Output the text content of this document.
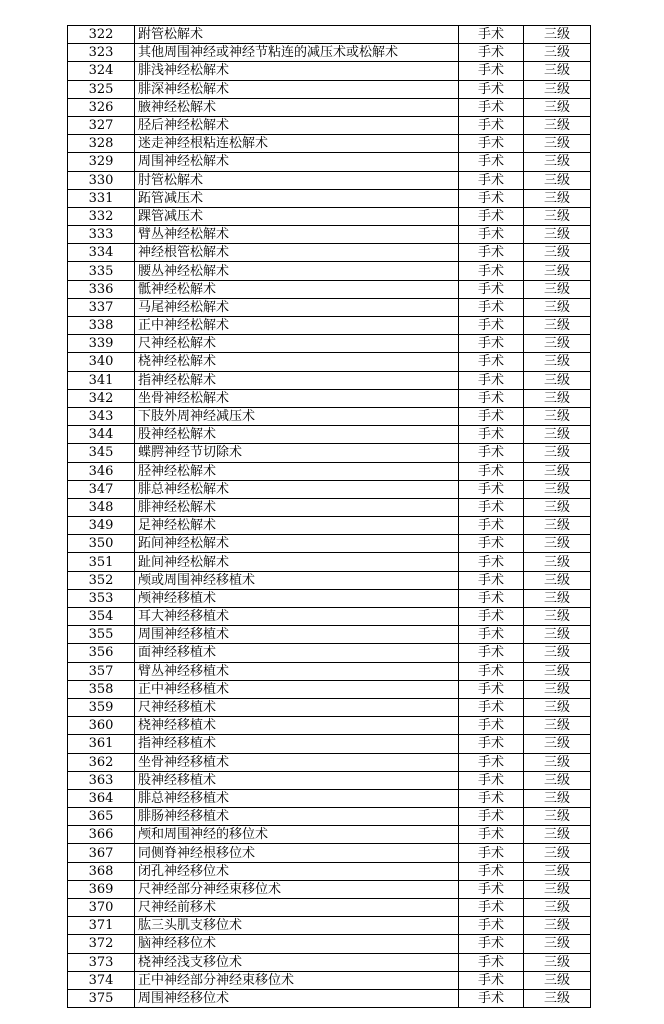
322	跗管松解术	手术	三级
323	其他周围神经或神经节粘连的减压术或松解术	手术	三级
324	腓浅神经松解术	手术	三级
325	腓深神经松解术	手术	三级
326	腋神经松解术	手术	三级
327	胫后神经松解术	手术	三级
328	迷走神经根粘连松解术	手术	三级
329	周围神经松解术	手术	三级
330	肘管松解术	手术	三级
331	跖管减压术	手术	三级
332	踝管减压术	手术	三级
333	臂丛神经松解术	手术	三级
334	神经根管松解术	手术	三级
335	腰丛神经松解术	手术	三级
336	骶神经松解术	手术	三级
337	马尾神经松解术	手术	三级
338	正中神经松解术	手术	三级
339	尺神经松解术	手术	三级
340	桡神经松解术	手术	三级
341	指神经松解术	手术	三级
342	坐骨神经松解术	手术	三级
343	下肢外周神经减压术	手术	三级
344	股神经松解术	手术	三级
345	蝶腭神经节切除术	手术	三级
346	胫神经松解术	手术	三级
347	腓总神经松解术	手术	三级
348	腓神经松解术	手术	三级
349	足神经松解术	手术	三级
350	跖间神经松解术	手术	三级
351	趾间神经松解术	手术	三级
352	颅或周围神经移植术	手术	三级
353	颅神经移植术	手术	三级
354	耳大神经移植术	手术	三级
355	周围神经移植术	手术	三级
356	面神经移植术	手术	三级
357	臂丛神经移植术	手术	三级
358	正中神经移植术	手术	三级
359	尺神经移植术	手术	三级
360	桡神经移植术	手术	三级
361	指神经移植术	手术	三级
362	坐骨神经移植术	手术	三级
363	股神经移植术	手术	三级
364	腓总神经移植术	手术	三级
365	腓肠神经移植术	手术	三级
366	颅和周围神经的移位术	手术	三级
367	同侧脊神经根移位术	手术	三级
368	闭孔神经移位术	手术	三级
369	尺神经部分神经束移位术	手术	三级
370	尺神经前移术	手术	三级
371	肱三头肌支移位术	手术	三级
372	脑神经移位术	手术	三级
373	桡神经浅支移位术	手术	三级
374	正中神经部分神经束移位术	手术	三级
375	周围神经移位术	手术	三级
